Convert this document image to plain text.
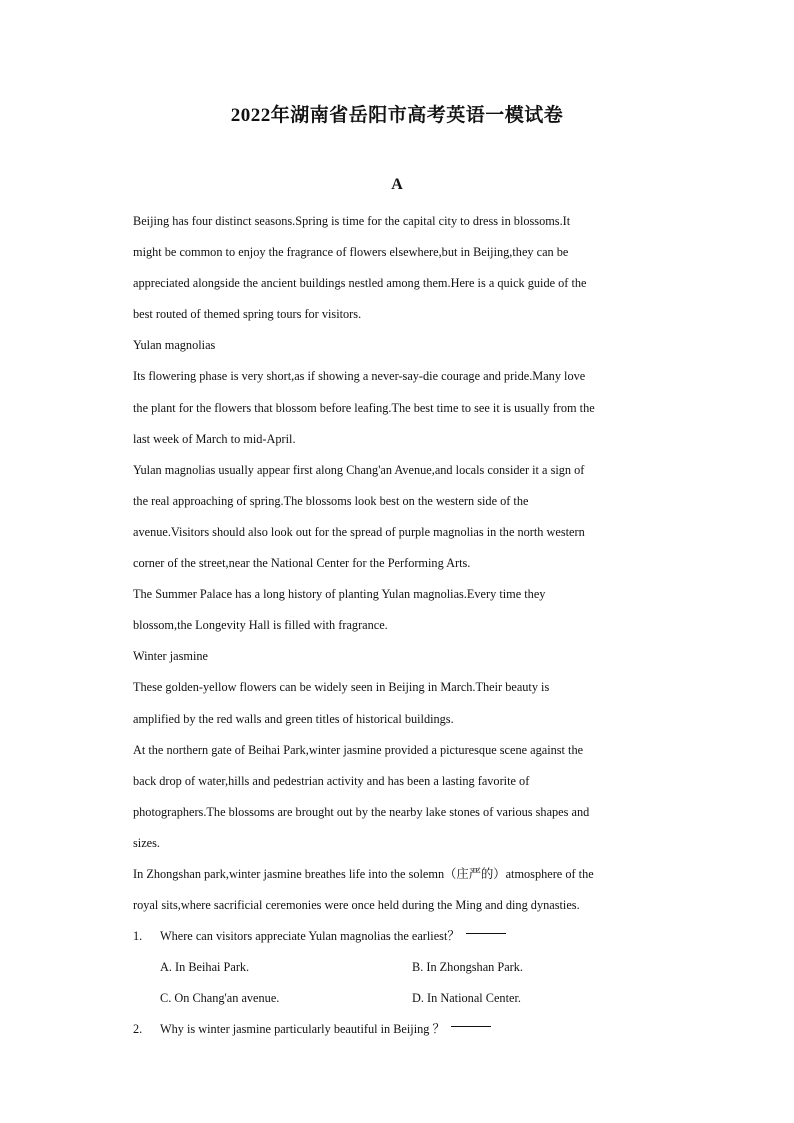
2022年湖南省岳阳市高考英语一模试卷
A

Beijing has four distinct seasons.Spring is time for the capital city to dress in blossoms.It

might be common to enjoy the fragrance of flowers elsewhere,but in Beijing,they can be

appreciated alongside the ancient buildings nestled among them.Here is a quick guide of the

best routed of themed spring tours for visitors.

Yulan magnolias

Its flowering phase is very short,as if showing a never-say-die courage and pride.Many love

the plant for the flowers that blossom before leafing.The best time to see it is usually from the

last week of March to mid-April.

Yulan magnolias usually appear first along Chang'an Avenue,and locals consider it a sign of

the real approaching of spring.The blossoms look best on the western side of the

avenue.Visitors should also look out for the spread of purple magnolias in the north western

corner of the street,near the National Center for the Performing Arts.

The Summer Palace has a long history of planting Yulan magnolias.Every time they

blossom,the Longevity Hall is filled with fragrance.

Winter jasmine

These golden-yellow flowers can be widely seen in Beijing in March.Their beauty is

amplified by the red walls and green titles of historical buildings.

At the northern gate of Beihai Park,winter jasmine provided a picturesque scene against the

back drop of water,hills and pedestrian activity and has been a lasting favorite of

photographers.The blossoms are brought out by the nearby lake stones of various shapes and

sizes.

In Zhongshan park,winter jasmine breathes life into the solemn（庄严的）atmosphere of the

royal sits,where sacrificial ceremonies were once held during the Ming and ding dynasties.

1.	Where can visitors appreciate Yulan magnolias the earliest？
A. In Beihai Park.	B. In Zhongshan Park.
C. On Chang'an avenue.	D. In National Center.
2.	Why is winter jasmine particularly beautiful in Beijing ？
